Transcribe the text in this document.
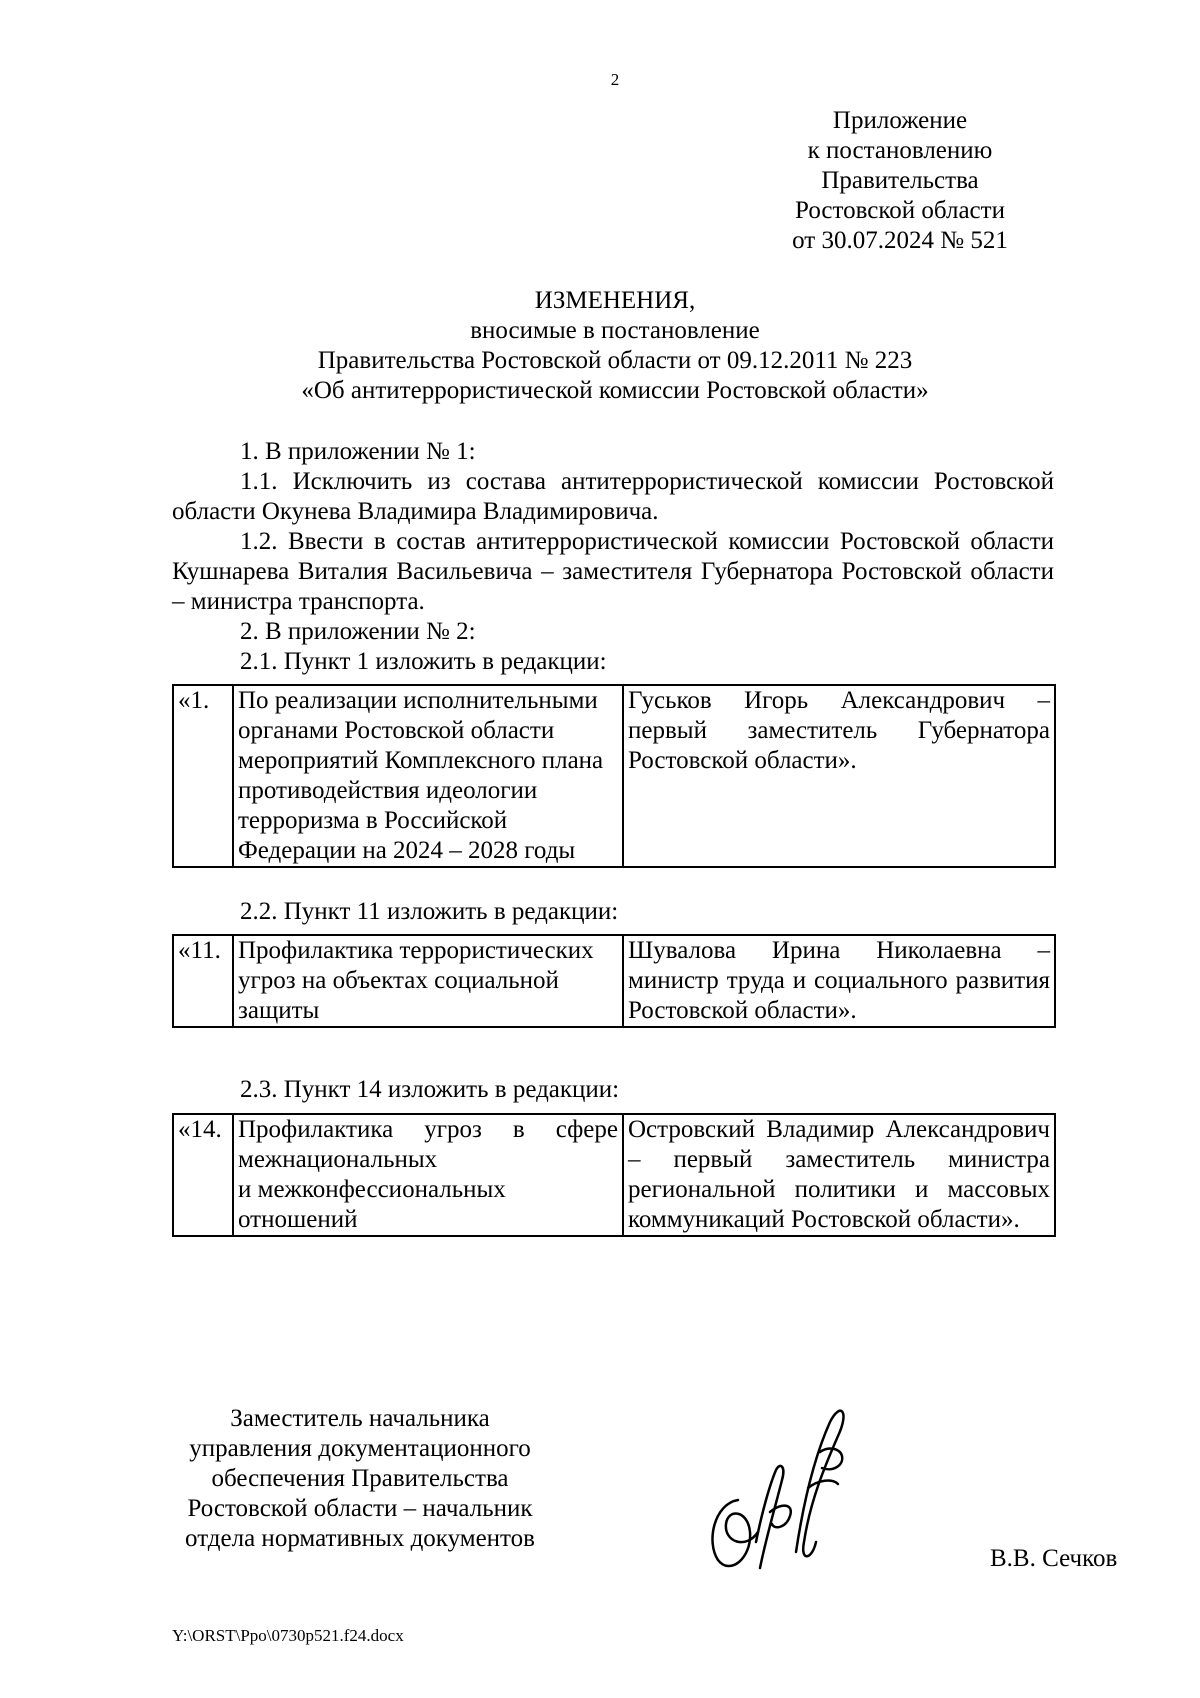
2
Приложение
к постановлению
Правительства
Ростовской области
от 30.07.2024 № 521
ИЗМЕНЕНИЯ,
вносимые в постановление
Правительства Ростовской области от 09.12.2011 № 223
«Об антитеррористической комиссии Ростовской области»
1. В приложении № 1:
1.1. Исключить из состава антитеррористической комиссии Ростовской области Окунева Владимира Владимировича.
1.2. Ввести в состав антитеррористической комиссии Ростовской области Кушнарева Виталия Васильевича – заместителя Губернатора Ростовской области – министра транспорта.
2. В приложении № 2:
2.1. Пункт 1 изложить в редакции:
«1.	По реализации исполнительными
органами Ростовской области
мероприятий Комплексного плана
противодействия идеологии
терроризма в Российской
Федерации на 2024 – 2028 годы
	Гуськов Игорь Александрович – первый заместитель Губернатора Ростовской области».
2.2. Пункт 11 изложить в редакции:
«11.	Профилактика террористических
угроз на объектах социальной
защиты
	Шувалова Ирина Николаевна – министр труда и социального развития Ростовской области».
2.3. Пункт 14 изложить в редакции:
«14.	Профилактика угроз в сфере
межнациональных
и межконфессиональных
отношений
	Островский Владимир Александрович – первый заместитель министра региональной политики и массовых коммуникаций Ростовской области».
Заместитель начальника
управления документационного
обеспечения Правительства
Ростовской области – начальник
отдела нормативных документов
В.В. Сечков
Y:\ORST\Ppo\0730p521.f24.docx
